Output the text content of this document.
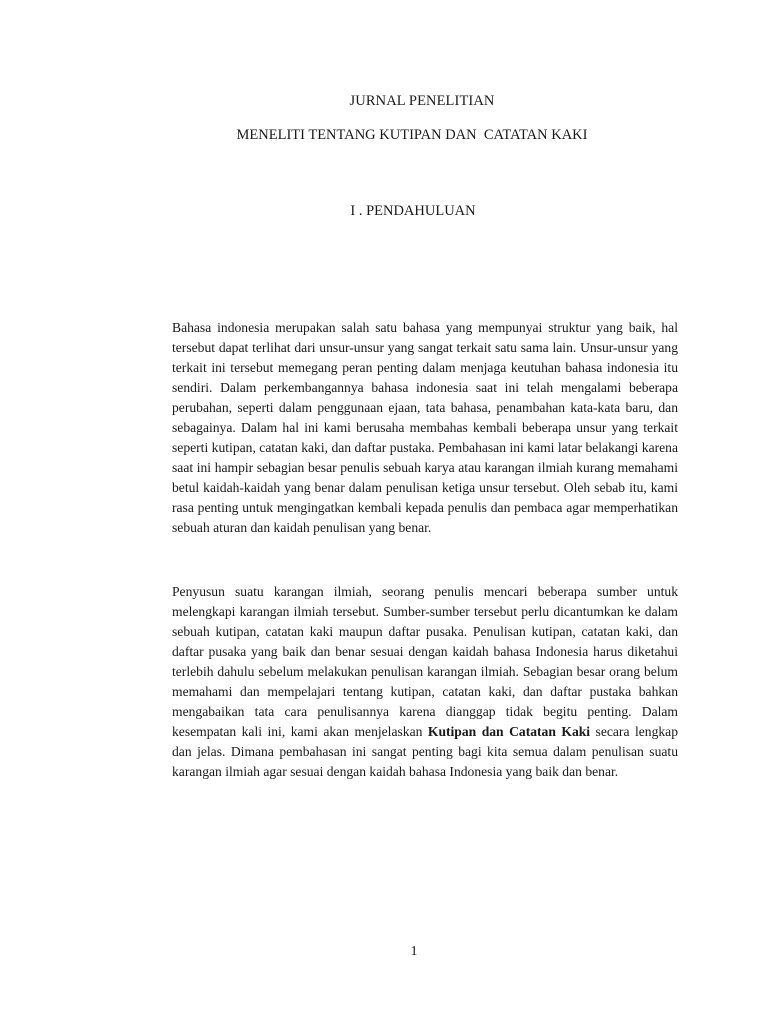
JURNAL PENELITIAN
MENELITI TENTANG KUTIPAN DAN  CATATAN KAKI
I . PENDAHULUAN

Bahasa indonesia merupakan salah satu bahasa yang mempunyai struktur yang baik, hal tersebut dapat terlihat dari unsur-unsur yang sangat terkait satu sama lain. Unsur-unsur yang terkait ini tersebut memegang peran penting dalam menjaga keutuhan bahasa indonesia itu sendiri. Dalam perkembangannya bahasa indonesia saat ini telah mengalami beberapa perubahan, seperti dalam penggunaan ejaan, tata bahasa, penambahan kata-kata baru, dan sebagainya. Dalam hal ini kami berusaha membahas kembali beberapa unsur yang terkait seperti kutipan, catatan kaki, dan daftar pustaka. Pembahasan ini kami latar belakangi karena saat ini hampir sebagian besar penulis sebuah karya atau karangan ilmiah kurang memahami betul kaidah-kaidah yang benar dalam penulisan ketiga unsur tersebut. Oleh sebab itu, kami rasa penting untuk mengingatkan kembali kepada penulis dan pembaca agar memperhatikan sebuah aturan dan kaidah penulisan yang benar.

Penyusun suatu karangan ilmiah, seorang penulis mencari beberapa sumber untuk melengkapi karangan ilmiah tersebut. Sumber-sumber tersebut perlu dicantumkan ke dalam sebuah kutipan, catatan kaki maupun daftar pusaka. Penulisan kutipan, catatan kaki, dan daftar pusaka yang baik dan benar sesuai dengan kaidah bahasa Indonesia harus diketahui terlebih dahulu sebelum melakukan penulisan karangan ilmiah. Sebagian besar orang belum memahami dan mempelajari tentang kutipan, catatan kaki, dan daftar pustaka bahkan mengabaikan tata cara penulisannya karena dianggap tidak begitu penting. Dalam kesempatan kali ini, kami akan menjelaskan Kutipan dan Catatan Kaki secara lengkap dan jelas. Dimana pembahasan ini sangat penting bagi kita semua dalam penulisan suatu karangan ilmiah agar sesuai dengan kaidah bahasa Indonesia yang baik dan benar.

1
